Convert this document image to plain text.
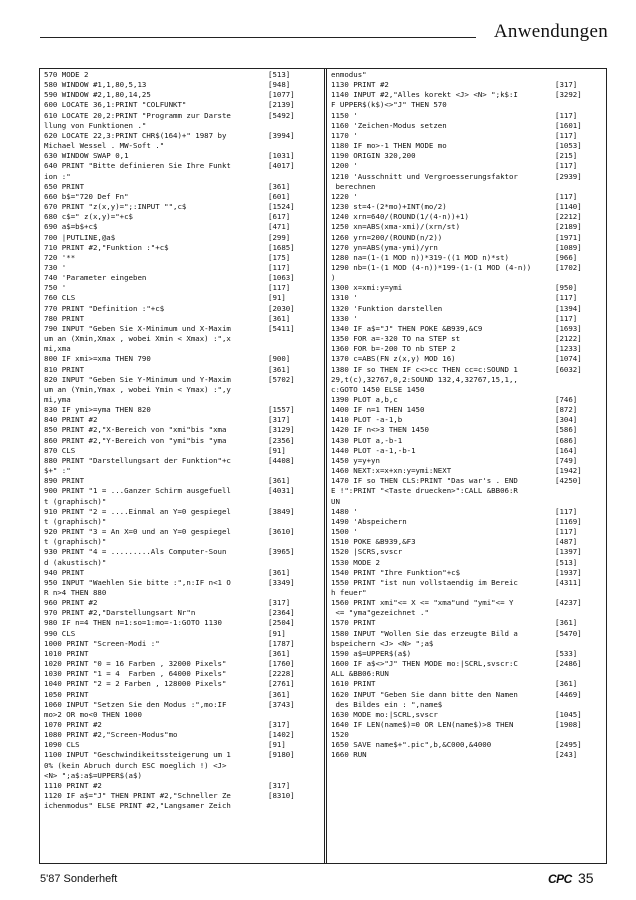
Anwendungen
570 MODE 2	[513]
580 WINDOW #1,1,80,5,13	[948]
590 WINDOW #2,1,80,14,25	[1077]
600 LOCATE 36,1:PRINT "COLFUNKT"	[2139]
610 LOCATE 20,2:PRINT "Programm zur Darste	[5492]
llung von Funktionen ."
620 LOCATE 22,3:PRINT CHR$(164)+" 1987 by	[3994]
Michael Wessel . MW-Soft ."
630 WINDOW SWAP 0,1	[1031]
640 PRINT "Bitte definieren Sie Ihre Funkt	[4017]
ion :"
650 PRINT	[361]
660 b$="720 Def Fn"	[601]
670 PRINT "z(x,y)=";:INPUT "",c$	[1524]
680 c$=" z(x,y)="+c$	[617]
690 a$=b$+c$	[471]
700 |PUTLINE,@a$	[299]
710 PRINT #2,"Funktion :"+c$	[1685]
720 '**	[175]
730 '	[117]
740 'Parameter eingeben	[1063]
750 '	[117]
760 CLS	[91]
770 PRINT "Definition :"+c$	[2030]
780 PRINT	[361]
790 INPUT "Geben Sie X-Minimum und X-Maxim	[5411]
um an (Xmin,Xmax , wobei Xmin < Xmax) :",x
mi,xma
800 IF xmi>=xma THEN 790	[900]
810 PRINT	[361]
820 INPUT "Geben Sie Y-Minimum und Y-Maxim	[5702]
um an (Ymin,Ymax , wobei Ymin < Ymax) :",y
mi,yma
830 IF ymi>=yma THEN 820	[1557]
840 PRINT #2	[317]
850 PRINT #2,"X-Bereich von "xmi"bis "xma	[3129]
860 PRINT #2,"Y-Bereich von "ymi"bis "yma	[2356]
870 CLS	[91]
880 PRINT "Darstellungsart der Funktion"+c	[4408]
$+" :"
890 PRINT	[361]
900 PRINT "1 = ...Ganzer Schirm ausgefuell	[4031]
t (graphisch)"
910 PRINT "2 = ....Einmal an Y=0 gespiegel	[3849]
t (graphisch)"
920 PRINT "3 = An X=0 und an Y=0 gespiegel	[3610]
t (graphisch)"
930 PRINT "4 = .........Als Computer-Soun	[3965]
d (akustisch)"
940 PRINT	[361]
950 INPUT "Waehlen Sie bitte :",n:IF n<1 O	[3349]
R n>4 THEN 880
960 PRINT #2	[317]
970 PRINT #2,"Darstellungsart Nr"n	[2364]
980 IF n=4 THEN n=1:so=1:mo=-1:GOTO 1130	[2504]
990 CLS	[91]
1000 PRINT "Screen-Modi :"	[1787]
1010 PRINT	[361]
1020 PRINT "0 = 16 Farben , 32000 Pixels"	[1760]
1030 PRINT "1 = 4  Farben , 64000 Pixels"	[2228]
1040 PRINT "2 = 2 Farben , 128000 Pixels"	[2761]
1050 PRINT	[361]
1060 INPUT "Setzen Sie den Modus :",mo:IF	[3743]
mo>2 OR mo<0 THEN 1000
1070 PRINT #2	[317]
1080 PRINT #2,"Screen-Modus"mo	[1402]
1090 CLS	[91]
1100 INPUT "Geschwindikeitssteigerung um 1	[9180]
0% (kein Abruch durch ESC moeglich !) <J>
<N> ";a$:a$=UPPER$(a$)
1110 PRINT #2	[317]
1120 IF a$="J" THEN PRINT #2,"Schneller Ze	[8310]
ichenmodus" ELSE PRINT #2,"Langsamer Zeich
enmodus"
1130 PRINT #2	[317]
1140 INPUT #2,"Alles korekt <J> <N> ";k$:I	[3292]
F UPPER$(k$)<>"J" THEN 570
1150 '	[117]
1160 'Zeichen-Modus setzen	[1601]
1170 '	[117]
1180 IF mo>-1 THEN MODE mo	[1053]
1190 ORIGIN 320,200	[215]
1200 '	[117]
1210 'Ausschnitt und Vergroesserungsfaktor	[2939]
berechnen
1220 '	[117]
1230 st=4-(2*mo)+INT(mo/2)	[1140]
1240 xrn=640/(ROUND(1/(4-n))+1)	[2212]
1250 xn=ABS(xma-xmi)/(xrn/st)	[2189]
1260 yrn=200/(ROUND(n/2))	[1971]
1270 yn=ABS(yma-ymi)/yrn	[1089]
1280 na=(1-(1 MOD n))*319-((1 MOD n)*st)	[966]
1290 nb=(1-(1 MOD (4-n))*199-(1-(1 MOD (4-n))	[1702]
)
1300 x=xmi:y=ymi	[950]
1310 '	[117]
1320 'Funktion darstellen	[1394]
1330 '	[117]
1340 IF a$="J" THEN POKE &B939,&C9	[1693]
1350 FOR a=-320 TO na STEP st	[2122]
1360 FOR b=-200 TO nb STEP 2	[1233]
1370 c=ABS(FN z(x,y) MOD 16)	[1074]
1380 IF so THEN IF c<>cc THEN cc=c:SOUND 1	[6032]
29,t(c),32767,0,2:SOUND 132,4,32767,15,1,,
c:GOTO 1450 ELSE 1450
1390 PLOT a,b,c	[746]
1400 IF n=1 THEN 1450	[872]
1410 PLOT -a-1,b	[304]
1420 IF n<>3 THEN 1450	[586]
1430 PLOT a,-b-1	[686]
1440 PLOT -a-1,-b-1	[164]
1450 y=y+yn	[749]
1460 NEXT:x=x+xn:y=ymi:NEXT	[1942]
1470 IF so THEN CLS:PRINT "Das war's . END	[4250]
E !":PRINT "<Taste druecken>":CALL &BB06:R
UN
1480 '	[117]
1490 'Abspeichern	[1169]
1500 '	[117]
1510 POKE &B939,&F3	[487]
1520 |SCRS,svscr	[1397]
1530 MODE 2	[513]
1540 PRINT "Ihre Funktion"+c$	[1937]
1550 PRINT "ist nun vollstaendig im Bereic	[4311]
h feuer"
1560 PRINT xmi"<= X <= "xma"und "ymi"<= Y	[4237]
<= "yma"gezeichnet ."
1570 PRINT	[361]
1580 INPUT "Wollen Sie das erzeugte Bild a	[5470]
bspeichern <J> <N> ";a$
1590 a$=UPPER$(a$)	[533]
1600 IF a$<>"J" THEN MODE mo:|SCRL,svscr:C	[2486]
ALL &BB06:RUN
1610 PRINT	[361]
1620 INPUT "Geben Sie dann bitte den Namen	[4469]
des Bildes ein : ",name$
1630 MODE mo:|SCRL,svscr	[1045]
1640 IF LEN(name$)=0 OR LEN(name$)>8 THEN	[1908]
1520
1650 SAVE name$+".pic",b,&C000,&4000	[2495]
1660 RUN	[243]
5'87 Sonderheft	CPC 35
